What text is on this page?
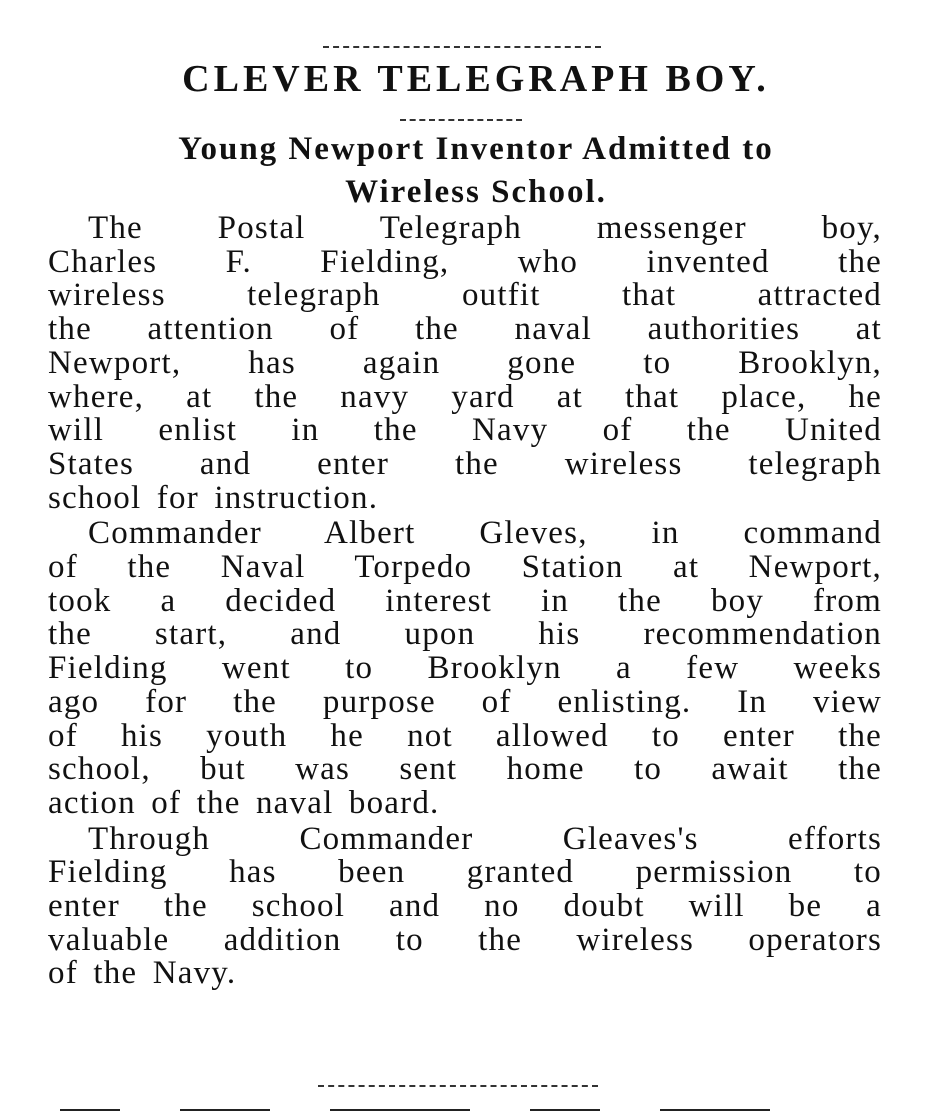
CLEVER TELEGRAPH BOY.
Young Newport Inventor Admitted to
Wireless School.

The Postal Telegraph messenger boy,
Charles F. Fielding, who invented the
wireless telegraph outfit that attracted
the attention of the naval authorities at
Newport, has again gone to Brooklyn,
where, at the navy yard at that place, he
will enlist in the Navy of the United
States and enter the wireless telegraph
school for instruction.

Commander Albert Gleves, in command
of the Naval Torpedo Station at Newport,
took a decided interest in the boy from
the start, and upon his recommendation
Fielding went to Brooklyn a few weeks
ago for the purpose of enlisting. In view
of his youth he not allowed to enter the
school, but was sent home to await the
action of the naval board.

Through Commander Gleaves's efforts
Fielding has been granted permission to
enter the school and no doubt will be a
valuable addition to the wireless operators
of the Navy.
